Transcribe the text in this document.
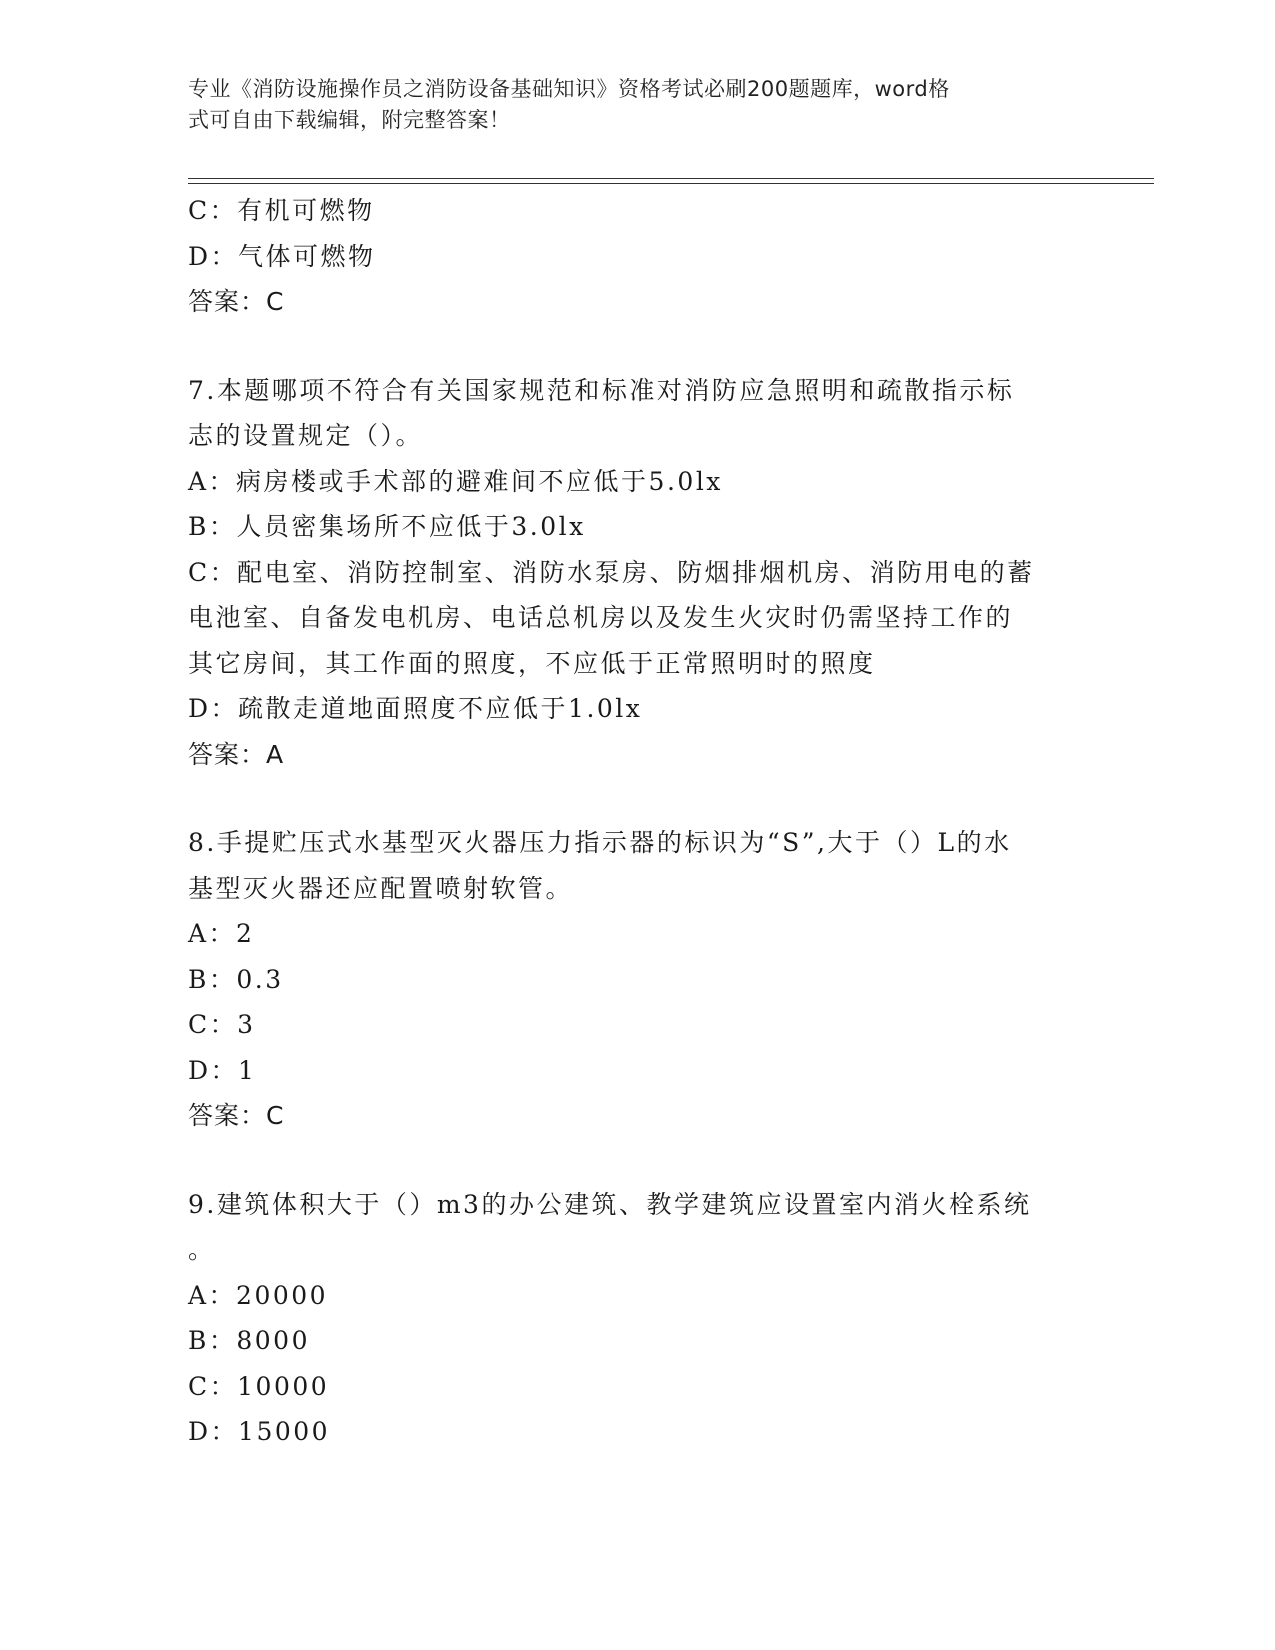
专业《消防设施操作员之消防设备基础知识》资格考试必刷200题题库，word格
式可自由下载编辑，附完整答案！
C：有机可燃物
D：气体可燃物
答案：C
7.本题哪项不符合有关国家规范和标准对消防应急照明和疏散指示标
志的设置规定（）。
A：病房楼或手术部的避难间不应低于5.0lx
B：人员密集场所不应低于3.0lx
C：配电室、消防控制室、消防水泵房、防烟排烟机房、消防用电的蓄
电池室、自备发电机房、电话总机房以及发生火灾时仍需坚持工作的
其它房间，其工作面的照度，不应低于正常照明时的照度
D：疏散走道地面照度不应低于1.0lx
答案：A
8.手提贮压式水基型灭火器压力指示器的标识为“S”,大于（）L的水
基型灭火器还应配置喷射软管。
A：2
B：0.3
C：3
D：1
答案：C
9.建筑体积大于（）m3的办公建筑、教学建筑应设置室内消火栓系统
。
A：20000
B：8000
C：10000
D：15000
